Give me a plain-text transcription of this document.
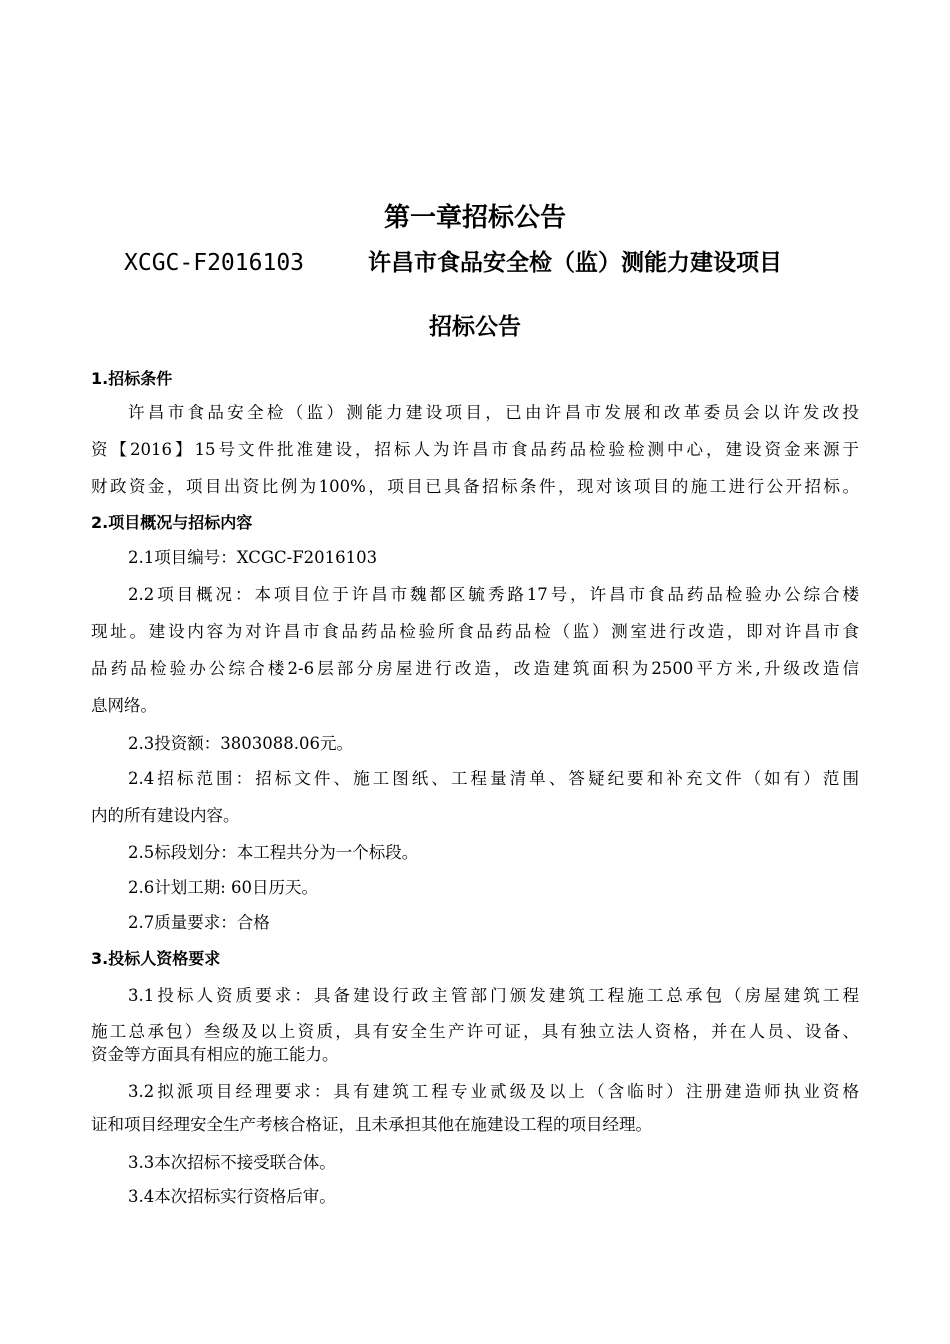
第一章招标公告
XCGC-F2016103	许昌市食品安全检（监）测能力建设项目
招标公告
1.招标条件
许昌市食品安全检（监）测能力建设项目，已由许昌市发展和改革委员会以许发改投
资【2016】15号文件批准建设，招标人为许昌市食品药品检验检测中心，建设资金来源于
财政资金，项目出资比例为100%，项目已具备招标条件，现对该项目的施工进行公开招标。
2.项目概况与招标内容
2.1项目编号：XCGC-F2016103
2.2项目概况：本项目位于许昌市魏都区毓秀路17号，许昌市食品药品检验办公综合楼
现址。建设内容为对许昌市食品药品检验所食品药品检（监）测室进行改造，即对许昌市食
品药品检验办公综合楼2-6层部分房屋进行改造，改造建筑面积为2500平方米,升级改造信
息网络。
2.3投资额：3803088.06元。
2.4招标范围：招标文件、施工图纸、工程量清单、答疑纪要和补充文件（如有）范围
内的所有建设内容。
2.5标段划分：本工程共分为一个标段。
2.6计划工期: 60日历天。
2.7质量要求：合格
3.投标人资格要求
3.1投标人资质要求：具备建设行政主管部门颁发建筑工程施工总承包（房屋建筑工程
施工总承包）叁级及以上资质，具有安全生产许可证，具有独立法人资格，并在人员、设备、
资金等方面具有相应的施工能力。
3.2拟派项目经理要求：具有建筑工程专业贰级及以上（含临时）注册建造师执业资格
证和项目经理安全生产考核合格证，且未承担其他在施建设工程的项目经理。
3.3本次招标不接受联合体。
3.4本次招标实行资格后审。
